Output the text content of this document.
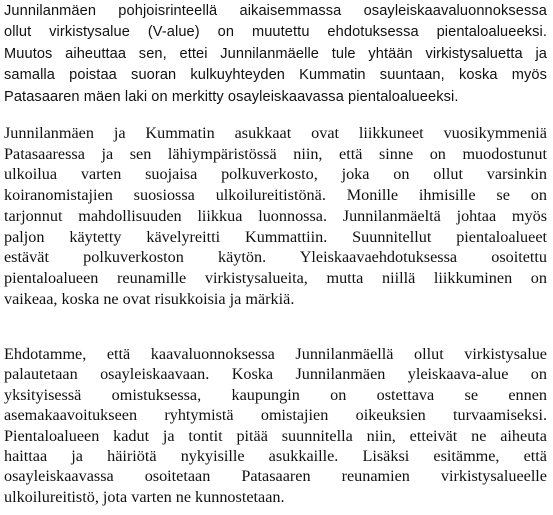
Junnilanmäen pohjoisrinteellä aikaisemmassa osayleiskaavaluonnoksessa
ollut virkistysalue (V-alue) on muutettu ehdotuksessa pientaloalueeksi.
Muutos aiheuttaa sen, ettei Junnilanmäelle tule yhtään virkistysaluetta ja
samalla poistaa suoran kulkuyhteyden Kummatin suuntaan, koska myös
Patasaaren mäen laki on merkitty osayleiskaavassa pientaloalueeksi.

Junnilanmäen ja Kummatin asukkaat ovat liikkuneet vuosikymmeniä
Patasaaressa ja sen lähiympäristössä niin, että sinne on muodostunut
ulkoilua varten suojaisa polkuverkosto, joka on ollut varsinkin
koiranomistajien suosiossa ulkoilureitistönä. Monille ihmisille se on
tarjonnut mahdollisuuden liikkua luonnossa. Junnilanmäeltä johtaa myös
paljon käytetty kävelyreitti Kummattiin. Suunnitellut pientaloalueet
estävät polkuverkoston käytön. Yleiskaavaehdotuksessa osoitettu
pientaloalueen reunamille virkistysalueita, mutta niillä liikkuminen on
vaikeaa, koska ne ovat risukkoisia ja märkiä.

Ehdotamme, että kaavaluonnoksessa Junnilanmäellä ollut virkistysalue
palautetaan osayleiskaavaan. Koska Junnilanmäen yleiskaava-alue on
yksityisessä omistuksessa, kaupungin on ostettava se ennen
asemakaavoitukseen ryhtymistä omistajien oikeuksien turvaamiseksi.
Pientaloalueen kadut ja tontit pitää suunnitella niin, etteivät ne aiheuta
haittaa ja häiriötä nykyisille asukkaille. Lisäksi esitämme, että
osayleiskaavassa osoitetaan Patasaaren reunamien virkistysalueelle
ulkoilureitistö, jota varten ne kunnostetaan.
